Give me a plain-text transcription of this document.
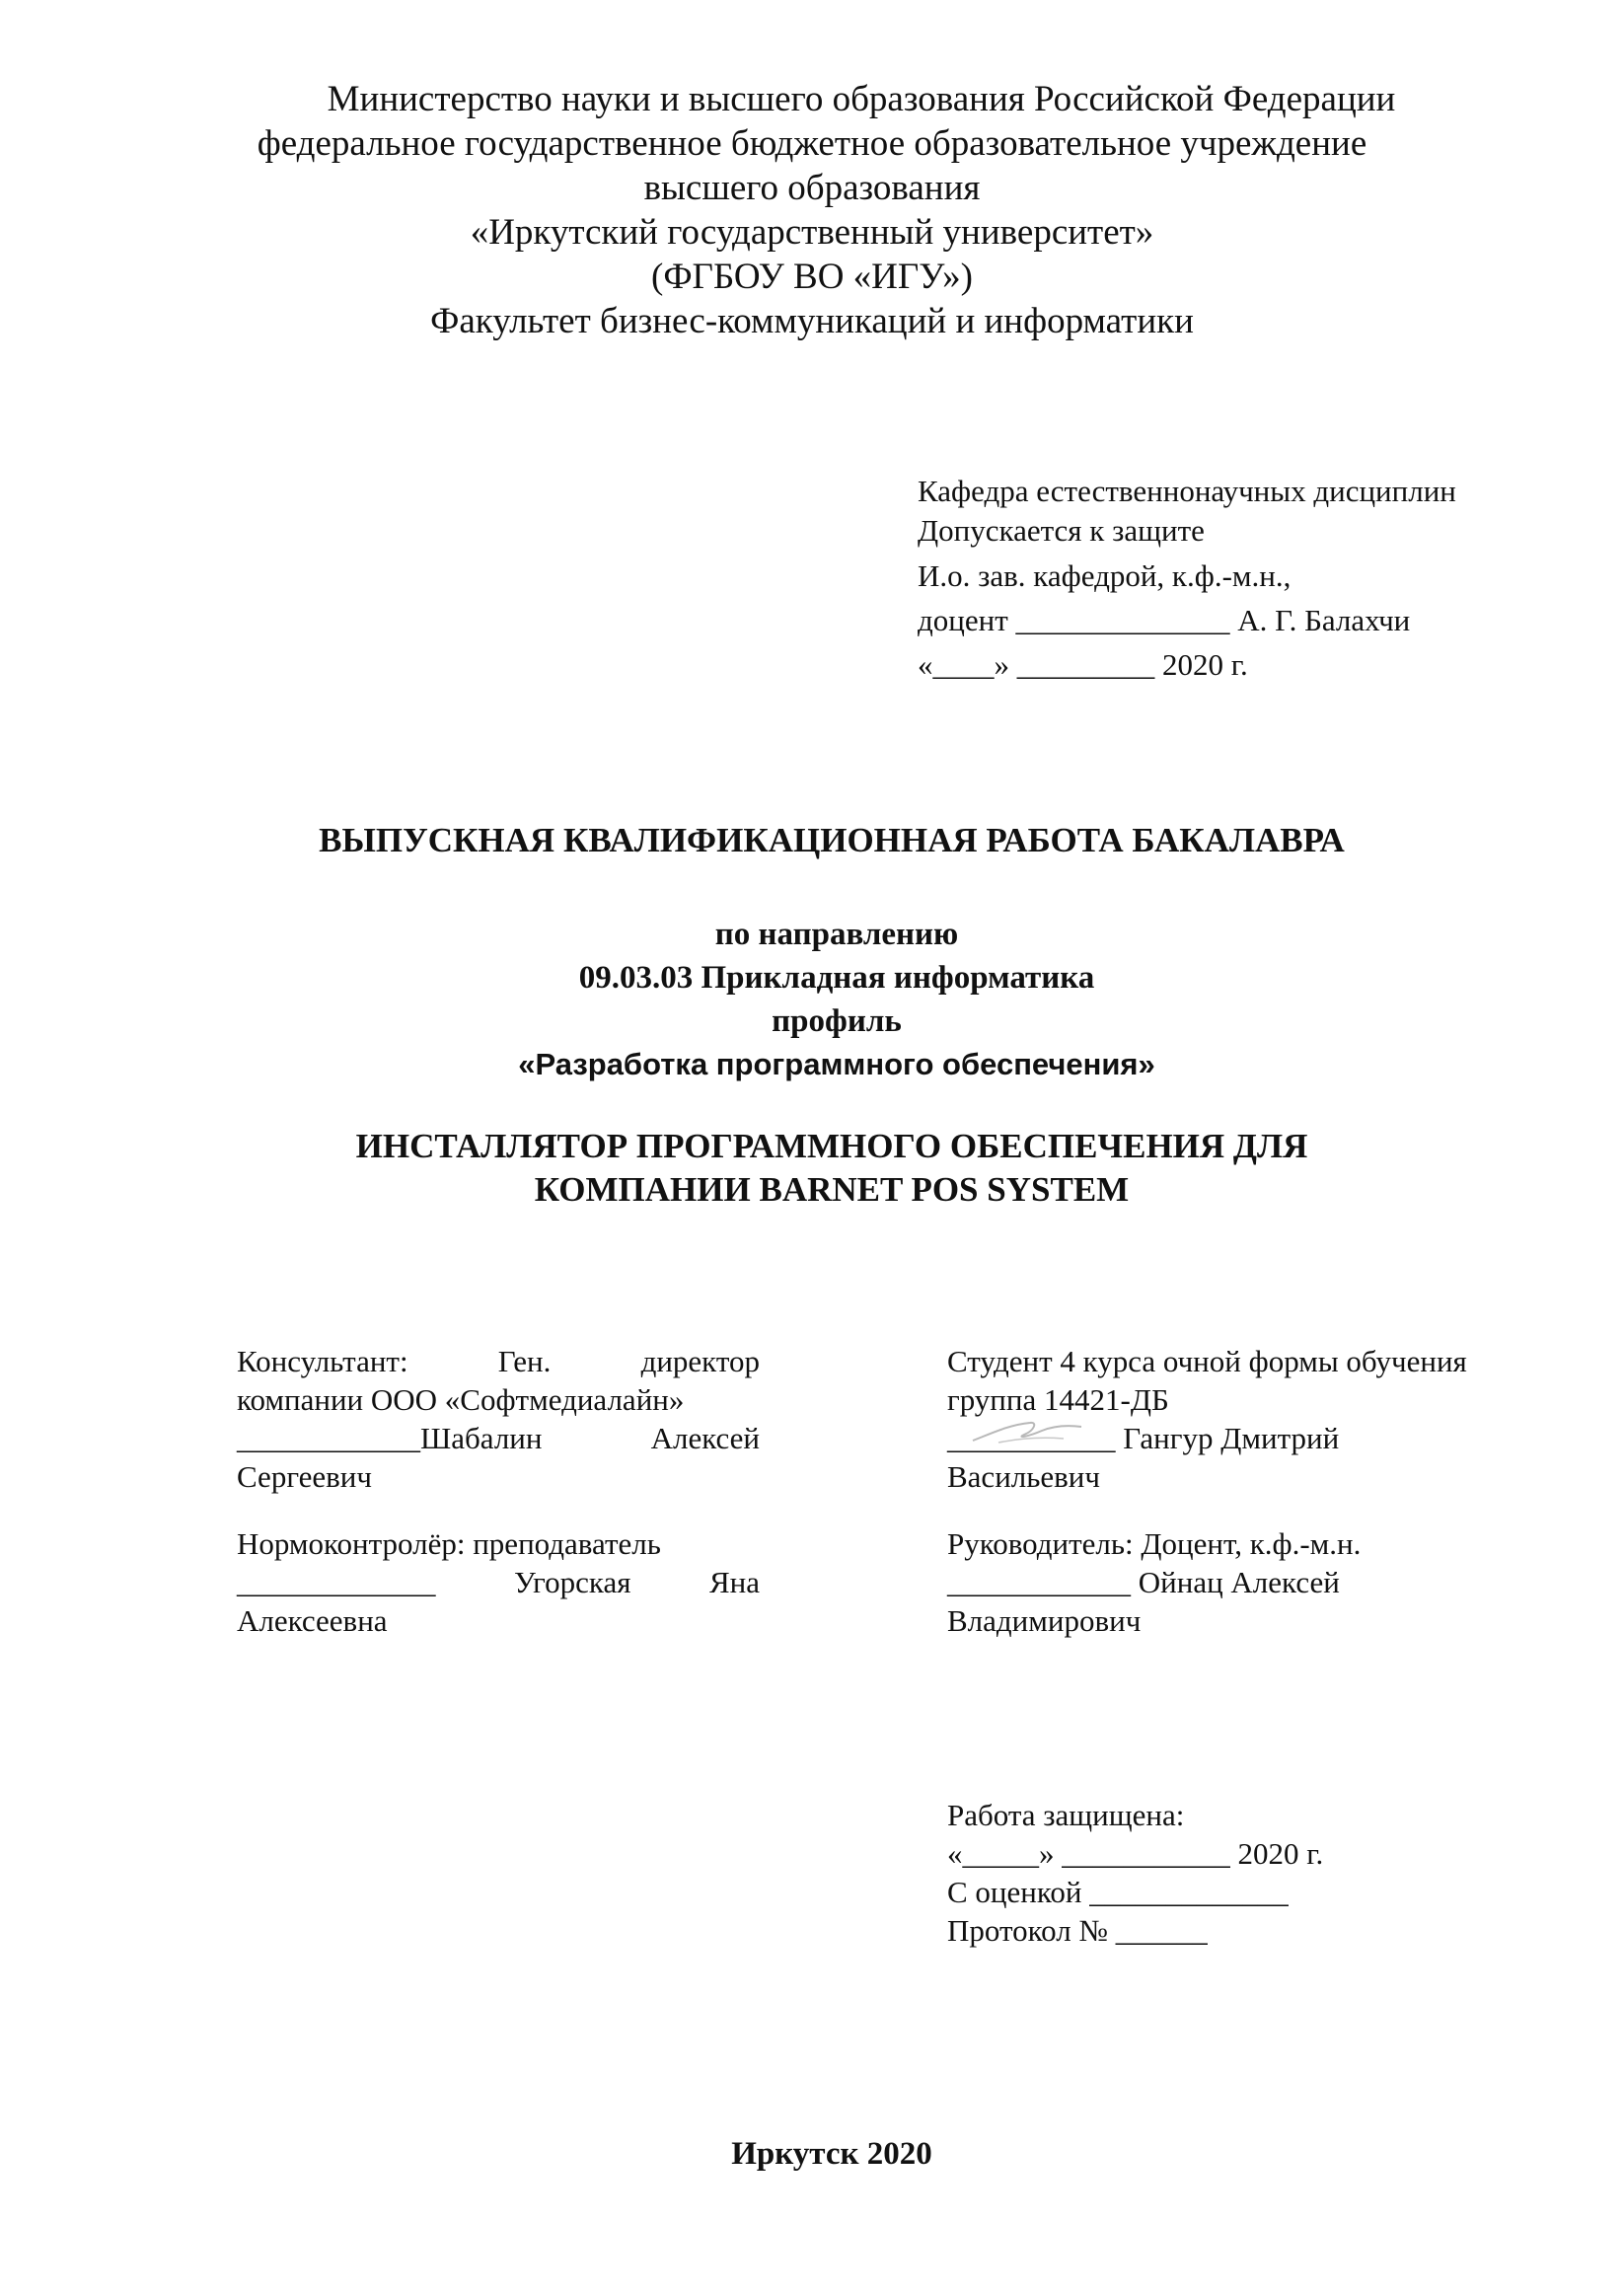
Министерство науки и высшего образования Российской Федерации
федеральное государственное бюджетное образовательное учреждение
высшего образования
«Иркутский государственный университет»
(ФГБОУ ВО «ИГУ»)
Факультет бизнес-коммуникаций и информатики
Кафедра естественнонаучных дисциплин
Допускается к защите
И.о. зав. кафедрой, к.ф.-м.н.,
доцент ______________ А. Г. Балахчи
«____» _________ 2020 г.
ВЫПУСКНАЯ КВАЛИФИКАЦИОННАЯ РАБОТА БАКАЛАВРА
по направлению
09.03.03 Прикладная информатика
профиль
«Разработка программного обеспечения»
ИНСТАЛЛЯТОР ПРОГРАММНОГО ОБЕСПЕЧЕНИЯ ДЛЯ
КОМПАНИИ BARNET POS SYSTEM
Консультант:	Ген.	директор
компании ООО «Софтмедиалайн»
____________Шабалин	Алексей
Сергеевич
Нормоконтролёр: преподаватель
_____________	Угорская	Яна
Алексеевна
Студент 4 курса очной формы обучения
группа 14421-ДБ
___________ Гангур Дмитрий
Васильевич
Руководитель: Доцент, к.ф.-м.н.
____________ Ойнац Алексей
Владимирович
Работа защищена:
«_____» ___________ 2020 г.
С оценкой _____________
Протокол № ______
Иркутск 2020
